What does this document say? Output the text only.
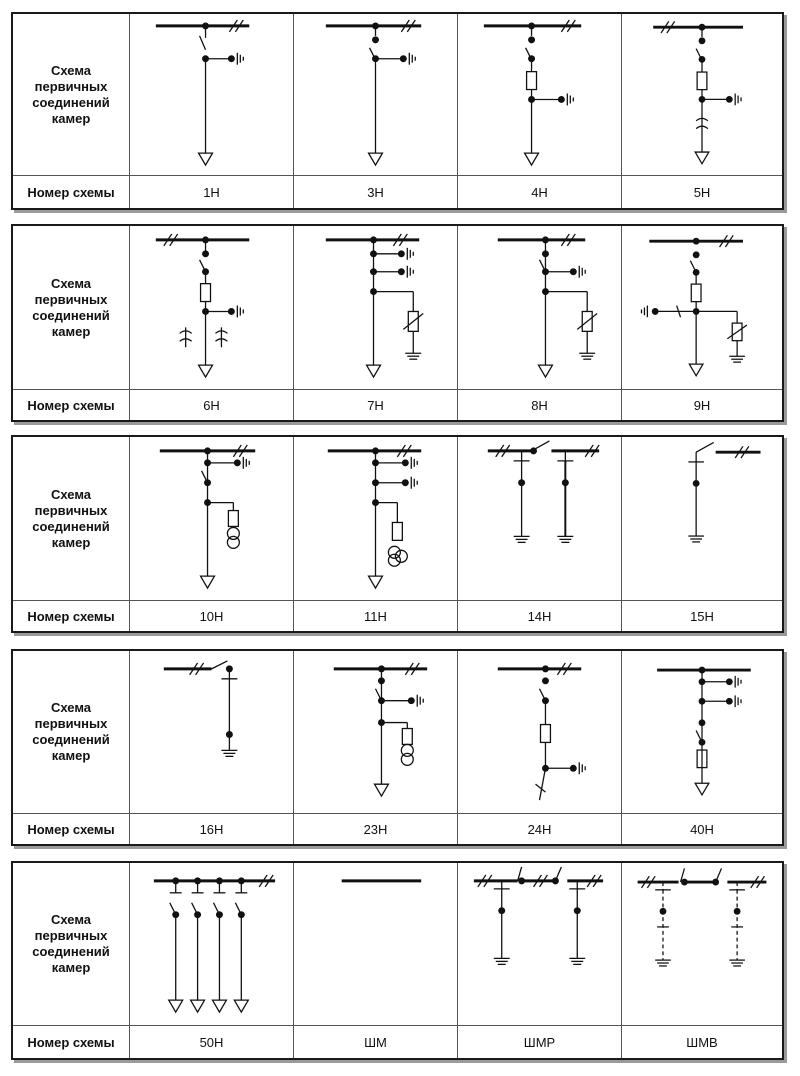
Схема
первичных
соединений
камер
Номер схемы	1Н	3Н	4Н	5Н
Схема
первичных
соединений
камер
Номер схемы	6Н	7Н	8Н	9Н
Схема
первичных
соединений
камер
Номер схемы	10Н	11Н	14Н	15Н
Схема
первичных
соединений
камер
Номер схемы	16Н	23Н	24Н	40Н
Схема
первичных
соединений
камер
Номер схемы	50Н	ШМ	ШМР	ШМВ
